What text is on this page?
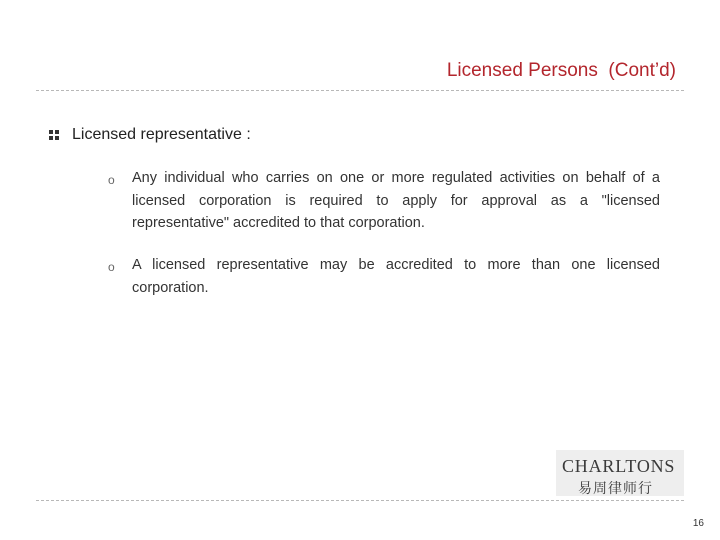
Licensed Persons  (Cont’d)
Licensed representative :
o	Any individual who carries on one or more regulated activities on behalf of a licensed corporation is required to apply for approval as a "licensed representative" accredited to that corporation.
o	A licensed representative may be accredited to more than one licensed corporation.
CHARLTONS
易周律师行
16
